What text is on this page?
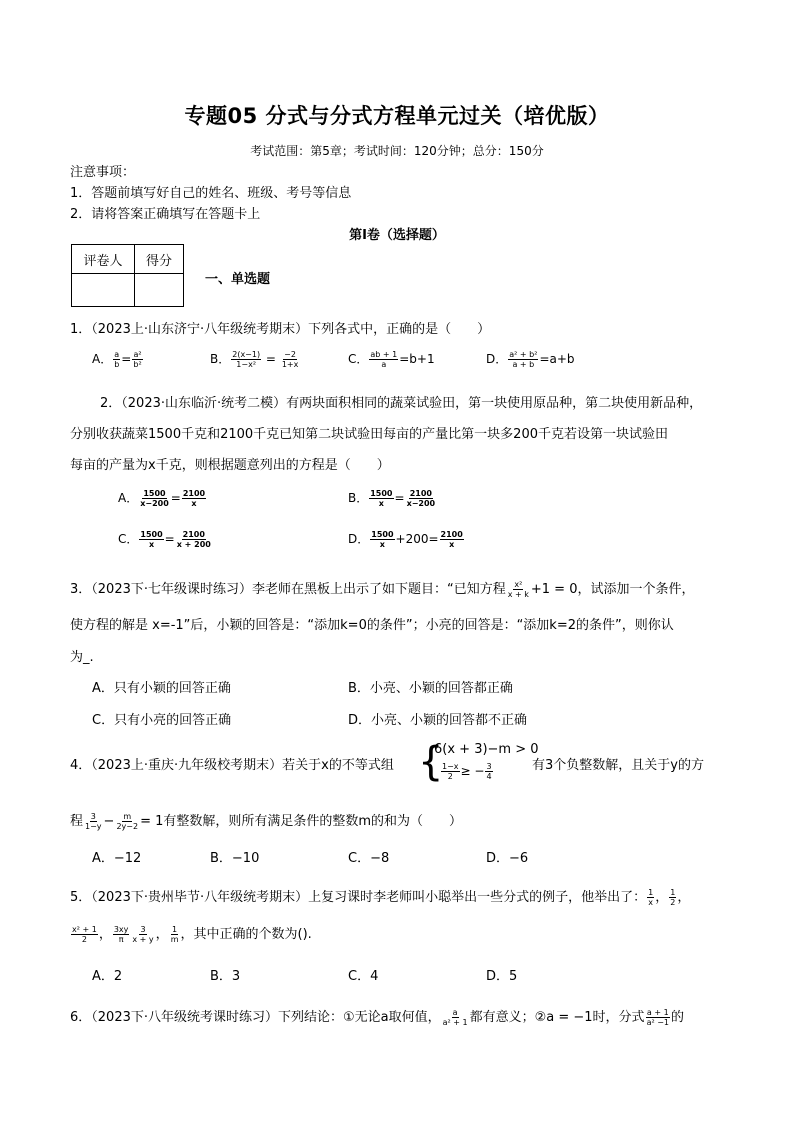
专题05 分式与分式方程单元过关（培优版）
考试范围：第5章；考试时间：120分钟；总分：150分
注意事项：
1．答题前填写好自己的姓名、班级、考号等信息
2．请将答案正确填写在答题卡上
第I卷（选择题）
评卷人	得分

一、单选题
1．（2023上·山东济宁·八年级统考期末）下列各式中，正确的是（　　）
A． $\frac{a}{b} = \frac{\text{a²}}{\text{b²}}$	B． $\frac{2(x-1)}{\text{1−x²}} = \frac{-2}{1+x}$	C． $\frac{ab + 1}{a} =b+1$	D． $\frac{\text{a² + b²}}{a + b} =a+b$
2．（2023·山东临沂·统考二模）有两块面积相同的蔬菜试验田，第一块使用原品种，第二块使用新品种，
分别收获蔬菜1500千克和2100千克已知第二块试验田每亩的产量比第一块多200千克若设第一块试验田
每亩的产量为x千克，则根据题意列出的方程是（　　）
A． $\frac{1500}{x-200} = \frac{2100}{x}$	B． $\frac{1500}{x} = \frac{2100}{x-200}$
C． $\frac{1500}{x} = \frac{2100}{x + 200}$	D． $\frac{1500}{x} +200= \frac{2100}{x}$
3．（2023下·七年级课时练习）李老师在黑板上出示了如下题目：“已知方程 $\frac{\text{x²}}{x + k} +1 = 0$，试添加一个条件，
使方程的解是 x=-1”后，小颖的回答是：“添加k=0的条件”；小亮的回答是：“添加k=2的条件”，则你认
为_.
A．只有小颖的回答正确	B．小亮、小颖的回答都正确
C．只有小亮的回答正确	D．小亮、小颖的回答都不正确
4．（2023上·重庆·九年级校考期末）若关于x的不等式组 {
6(x + 3)−m > 0
$\frac{1-x}{2}$ ≥ − $\frac{3}{4}$	有3个负整数解，且关于y的方
程 $\frac{3}{1-y} - \frac{m}{2y-2} = 1$有整数解，则所有满足条件的整数m的和为（　　）
A．−12	B．−10	C．−8	D．−6
5．（2023下·贵州毕节·八年级统考期末）上复习课时李老师叫小聪举出一些分式的例子，他举出了： $\frac{1}{x}$ ， $\frac{1}{2}$ ，
$\frac{\text{x² + 1}}{2}$ ， $\frac{3xy}{\pi} \frac{3}{x + y}$ ， $\frac{1}{m}$ ，其中正确的个数为().
A．2	B．3	C．4	D．5
6．（2023下·八年级统考课时练习）下列结论：①无论a取何值， $\frac{a}{\text{a² + 1}}$ 都有意义；②a = −1时，分式 $\frac{a + 1}{\text{a² −1}}$ 的
